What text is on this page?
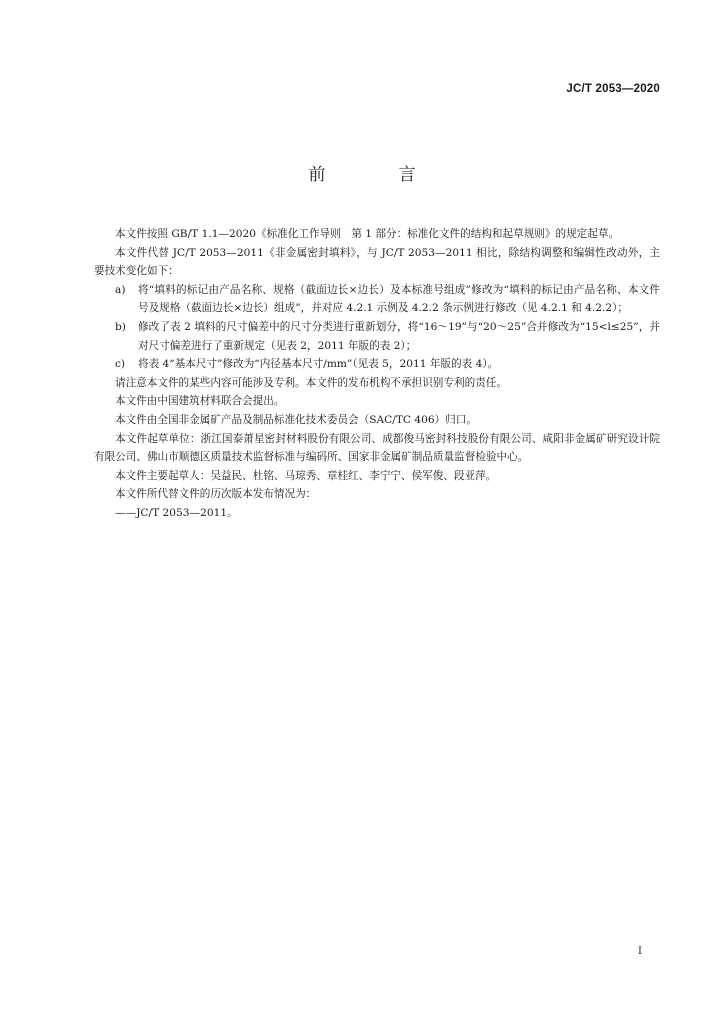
JC/T 2053—2020
前　言

本文件按照 GB/T 1.1—2020《标准化工作导则　第 1 部分：标准化文件的结构和起草规则》的规定起草。

本文件代替 JC/T 2053—2011《非金属密封填料》，与 JC/T 2053—2011 相比，除结构调整和编辑性改动外，主要技术变化如下：

a) 将“填料的标记由产品名称、规格（截面边长×边长）及本标准号组成”修改为“填料的标记由产品名称、本文件号及规格（截面边长×边长）组成”，并对应 4.2.1 示例及 4.2.2 条示例进行修改（见 4.2.1 和 4.2.2）；
b) 修改了表 2 填料的尺寸偏差中的尺寸分类进行重新划分，将“16～19”与“20～25”合并修改为“15<l≤25”，并对尺寸偏差进行了重新规定（见表 2，2011 年版的表 2）；
c) 将表 4“基本尺寸”修改为“内径基本尺寸/mm”（见表 5，2011 年版的表 4）。

请注意本文件的某些内容可能涉及专利。本文件的发布机构不承担识别专利的责任。

本文件由中国建筑材料联合会提出。

本文件由全国非金属矿产品及制品标准化技术委员会（SAC/TC 406）归口。

本文件起草单位：浙江国泰萧星密封材料股份有限公司、成都俊马密封科技股份有限公司、咸阳非金属矿研究设计院有限公司、佛山市顺德区质量技术监督标准与编码所、国家非金属矿制品质量监督检验中心。

本文件主要起草人：吴益民、杜铭、马琼秀、章桂红、李宁宁、侯军俊、段亚萍。

本文件所代替文件的历次版本发布情况为：

——JC/T 2053—2011。

I
